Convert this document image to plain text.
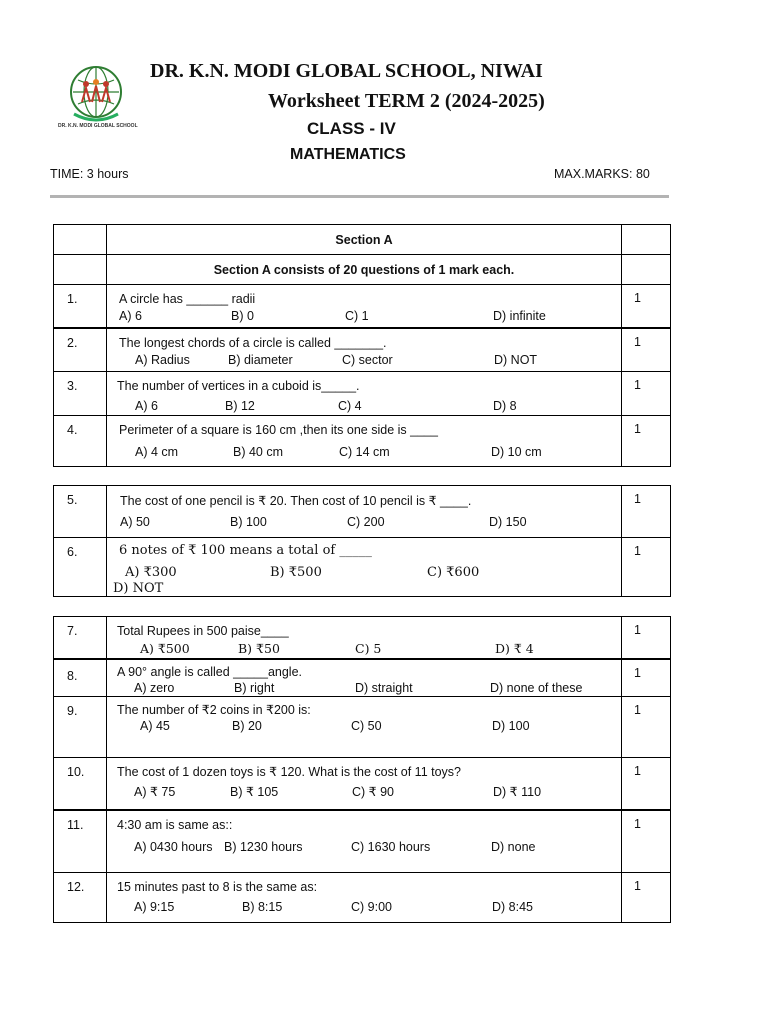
DR. K.N. MODI GLOBAL SCHOOL
DR. K.N. MODI GLOBAL SCHOOL, NIWAI
Worksheet TERM 2 (2024-2025)
CLASS - IV
MATHEMATICS
TIME: 3 hours	MAX.MARKS: 80
	Section A	
	Section A consists of 20 questions of 1 mark each.	

1.	A circle has ______ radii
A) 6 B) 0 C) 1 D) infinite	1

2.	The longest chords of a circle is called _______.
A) Radius B) diameter C) sector D) NOT	1

3.	The number of vertices in a cuboid is_____.
A) 6 B) 12 C) 4 D) 8	1

4.	Perimeter of a square is 160 cm ,then its one side is ____
A) 4 cm B) 40 cm C) 14 cm D) 10 cm	1
5.	The cost of one pencil is ₹ 20. Then cost of 10 pencil is ₹ ____.
A) 50 B) 100 C) 200 D) 150	1

6.	6 notes of ₹ 100 means a total of _____
A) ₹300 B) ₹500 C) ₹600
D) NOT	1
7.	Total Rupees in 500 paise____
A) ₹500 B) ₹50 C) 5 D) ₹ 4	1

8.	A 90° angle is called _____angle.
A) zero B) right D) straight D) none of these	1

9.	The number of ₹2 coins in ₹200 is:
A) 45 B) 20 C) 50 D) 100	1

10.	The cost of 1 dozen toys is ₹ 120. What is the cost of 11 toys?
A) ₹ 75 B) ₹ 105 C) ₹ 90 D) ₹ 110	1

11.	4:30 am is same as::
A) 0430 hours B) 1230 hours C) 1630 hours D) none	1

12.	15 minutes past to 8 is the same as:
A) 9:15 B) 8:15 C) 9:00 D) 8:45	1
